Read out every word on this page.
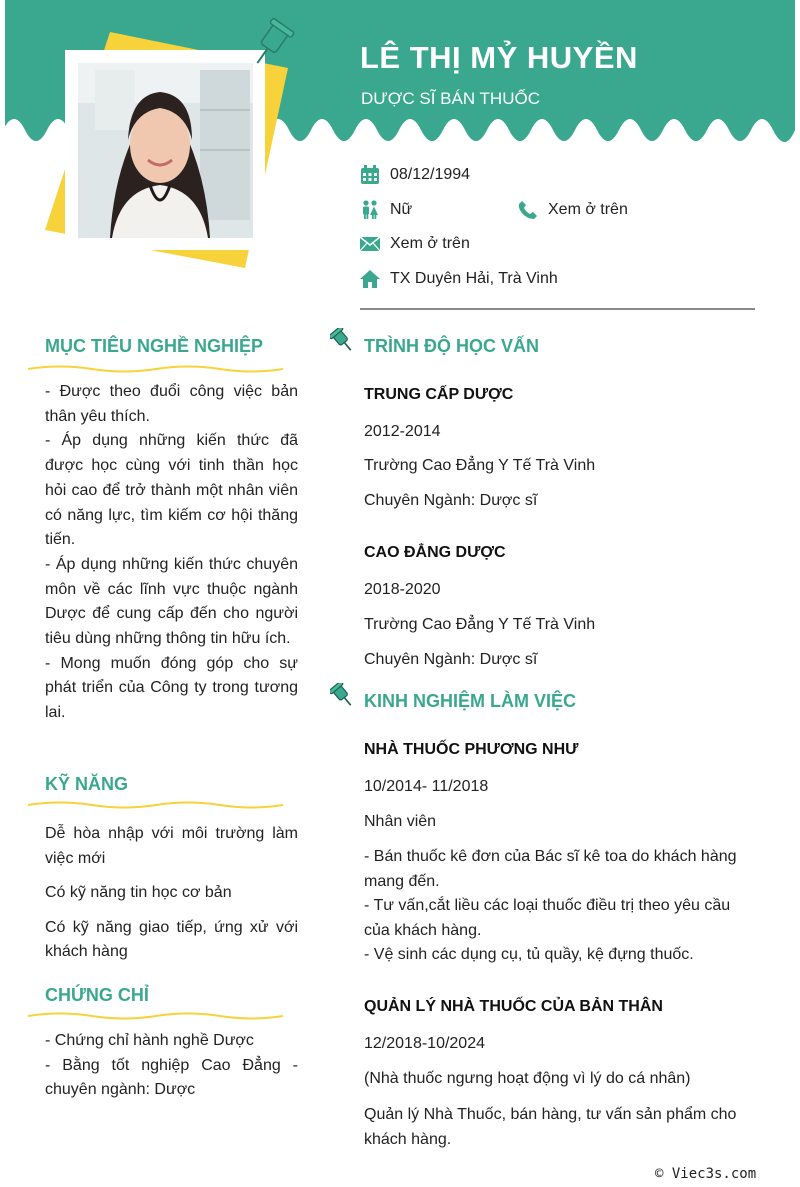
LÊ THỊ MỶ HUYỀN
DƯỢC SĨ BÁN THUỐC
08/12/1994
Nữ	Xem ở trên
Xem ở trên
TX Duyên Hải, Trà Vinh
MỤC TIÊU NGHỀ NGHIỆP
- Được theo đuổi công việc bản thân yêu thích.
- Áp dụng những kiến thức đã được học cùng với tinh thần học hỏi cao để trở thành một nhân viên có năng lực, tìm kiếm cơ hội thăng tiến.
- Áp dụng những kiến thức chuyên môn về các lĩnh vực thuộc ngành Dược để cung cấp đến cho người tiêu dùng những thông tin hữu ích.
- Mong muốn đóng góp cho sự phát triển của Công ty trong tương lai.
KỸ NĂNG
Dễ hòa nhập với môi trường làm việc mới
Có kỹ năng tin học cơ bản
Có kỹ năng giao tiếp, ứng xử với khách hàng
CHỨNG CHỈ
- Chứng chỉ hành nghề Dược
- Bằng tốt nghiệp Cao Đẳng - chuyên ngành: Dược
TRÌNH ĐỘ HỌC VẤN
TRUNG CẤP DƯỢC
2012-2014
Trường Cao Đẳng Y Tế Trà Vinh
Chuyên Ngành: Dược sĩ
CAO ĐẲNG DƯỢC
2018-2020
Trường Cao Đẳng Y Tế Trà Vinh
Chuyên Ngành: Dược sĩ
KINH NGHIỆM LÀM VIỆC
NHÀ THUỐC PHƯƠNG NHƯ
10/2014- 11/2018
Nhân viên
- Bán thuốc kê đơn của Bác sĩ kê toa do khách hàng mang đến.
- Tư vấn,cắt liều các loại thuốc điều trị theo yêu cầu của khách hàng.
- Vệ sinh các dụng cụ, tủ quầy, kệ đựng thuốc.
QUẢN LÝ NHÀ THUỐC CỦA BẢN THÂN
12/2018-10/2024
(Nhà thuốc ngưng hoạt động vì lý do cá nhân)
Quản lý Nhà Thuốc, bán hàng, tư vấn sản phẩm cho khách hàng.
© Viec3s.com
